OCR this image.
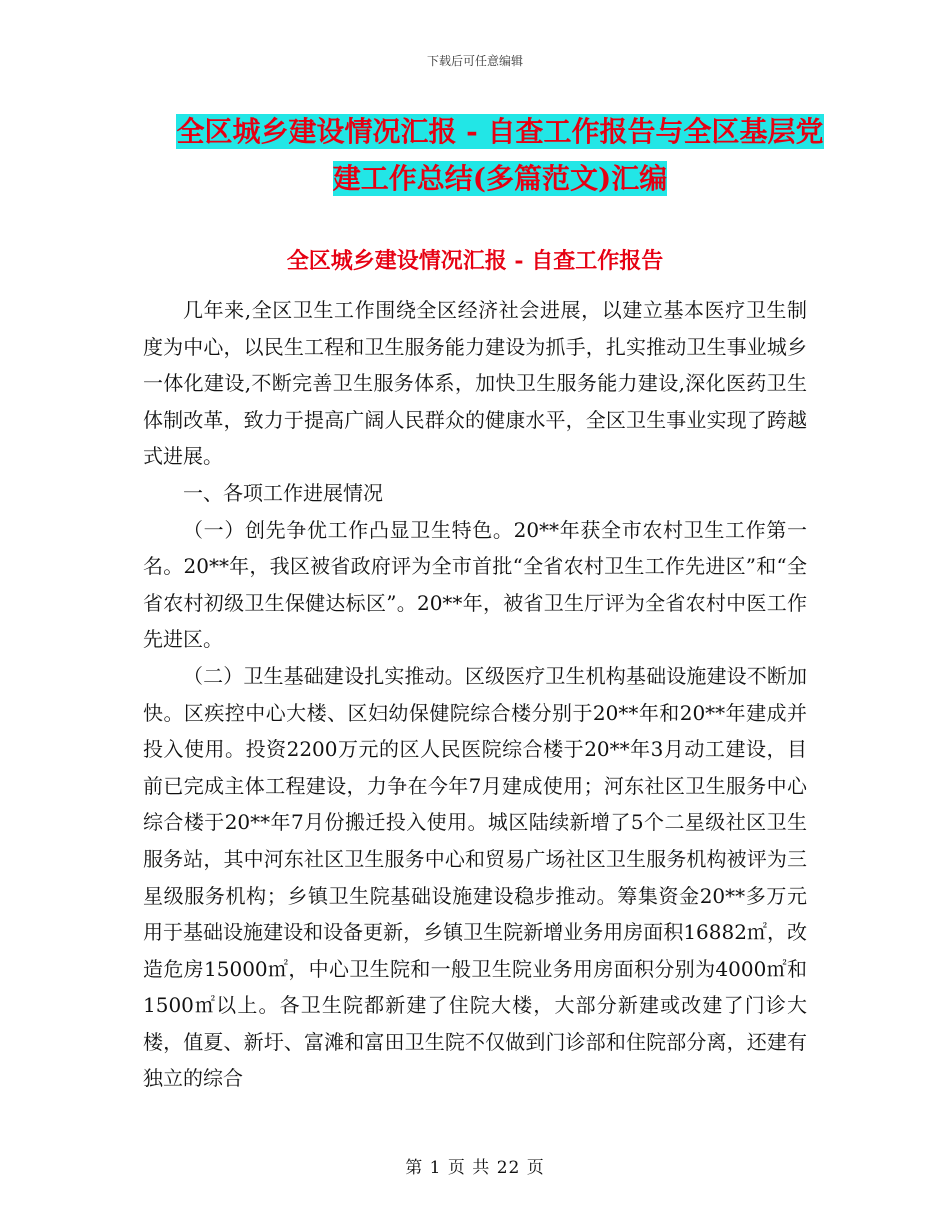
下载后可任意编辑
全区城乡建设情况汇报 - 自查工作报告与全区基层党
建工作总结(多篇范文)汇编
全区城乡建设情况汇报 - 自查工作报告

几年来,全区卫生工作围绕全区经济社会进展，以建立基本医疗卫生制度为中心，以民生工程和卫生服务能力建设为抓手，扎实推动卫生事业城乡一体化建设,不断完善卫生服务体系，加快卫生服务能力建设,深化医药卫生体制改革，致力于提高广阔人民群众的健康水平，全区卫生事业实现了跨越式进展。

一、各项工作进展情况

（一）创先争优工作凸显卫生特色。20**年获全市农村卫生工作第一名。20**年，我区被省政府评为全市首批“全省农村卫生工作先进区”和“全省农村初级卫生保健达标区”。20**年，被省卫生厅评为全省农村中医工作先进区。

（二）卫生基础建设扎实推动。区级医疗卫生机构基础设施建设不断加快。区疾控中心大楼、区妇幼保健院综合楼分别于20**年和20**年建成并投入使用。投资2200万元的区人民医院综合楼于20**年3月动工建设，目前已完成主体工程建设，力争在今年7月建成使用；河东社区卫生服务中心综合楼于20**年7月份搬迁投入使用。城区陆续新增了5个二星级社区卫生服务站，其中河东社区卫生服务中心和贸易广场社区卫生服务机构被评为三星级服务机构；乡镇卫生院基础设施建设稳步推动。筹集资金20**多万元用于基础设施建设和设备更新，乡镇卫生院新增业务用房面积16882㎡，改造危房15000㎡，中心卫生院和一般卫生院业务用房面积分别为4000㎡和1500㎡以上。各卫生院都新建了住院大楼，大部分新建或改建了门诊大楼，值夏、新圩、富滩和富田卫生院不仅做到门诊部和住院部分离，还建有独立的综合

第 1 页 共 22 页
